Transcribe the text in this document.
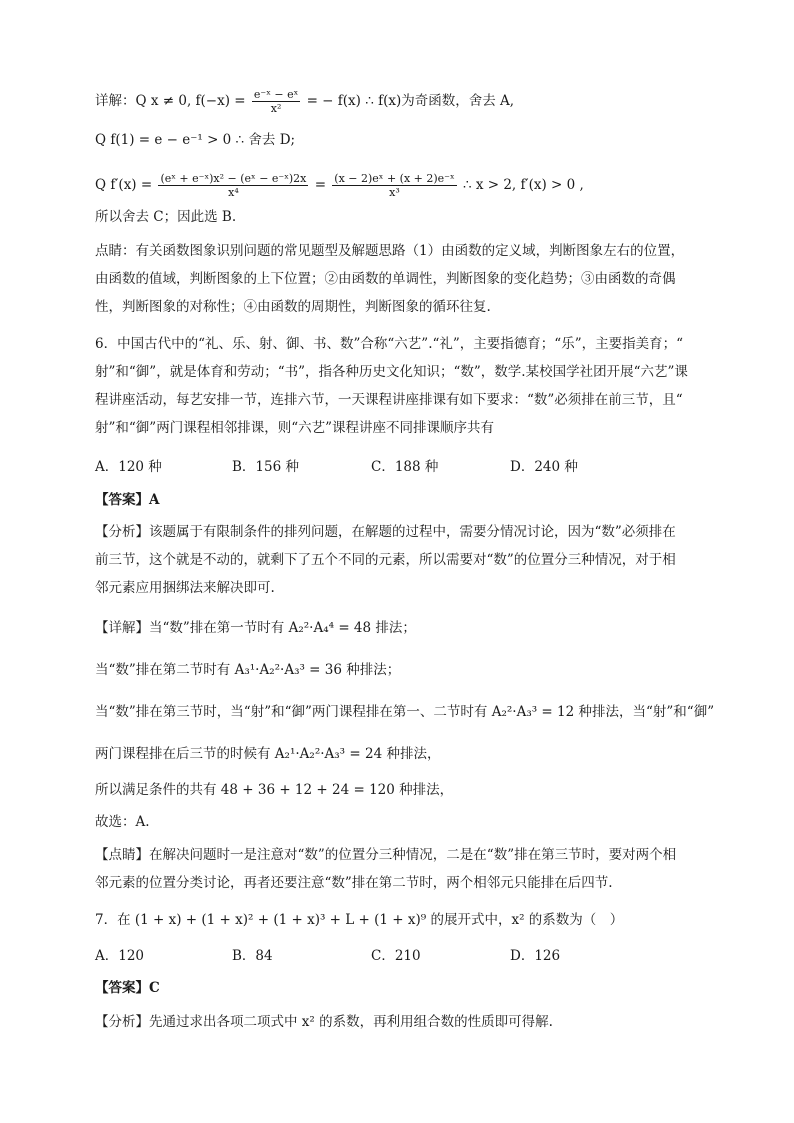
详解：Q x ≠ 0, $f(-x) = \frac{\text{e⁻ˣ − eˣ}}{\text{x²}}$ = − f(x) ∴ f(x)为奇函数，舍去 A,
Q f(1) = e − e⁻¹ > 0 ∴ 舍去 D;
Q $f'(x) = \frac{\text{(eˣ + e⁻ˣ)x² − (eˣ − e⁻ˣ)2x}}{\text{x⁴}} = \frac{\text{(x − 2)eˣ + (x + 2)e⁻ˣ}}{\text{x³}}$ ∴ x > 2, f′(x) > 0 ,
所以舍去 C；因此选 B.
点睛：有关函数图象识别问题的常见题型及解题思路（1）由函数的定义域，判断图象左右的位置，
由函数的值域，判断图象的上下位置；②由函数的单调性，判断图象的变化趋势；③由函数的奇偶
性，判断图象的对称性；④由函数的周期性，判断图象的循环往复.
6．中国古代中的“礼、乐、射、御、书、数”合称“六艺”.“礼”，主要指德育；“乐”，主要指美育；“
射”和“御”，就是体育和劳动；“书”，指各种历史文化知识；“数”，数学.某校国学社团开展“六艺”课
程讲座活动，每艺安排一节，连排六节，一天课程讲座排课有如下要求：“数”必须排在前三节，且“
射”和“御”两门课程相邻排课，则“六艺”课程讲座不同排课顺序共有
A．120 种	B．156 种	C．188 种	D．240 种
【答案】A
【分析】该题属于有限制条件的排列问题，在解题的过程中，需要分情况讨论，因为“数”必须排在
前三节，这个就是不动的，就剩下了五个不同的元素，所以需要对“数”的位置分三种情况，对于相
邻元素应用捆绑法来解决即可.
【详解】当“数”排在第一节时有 A₂²·A₄⁴ = 48 排法；
当“数”排在第二节时有 A₃¹·A₂²·A₃³ = 36 种排法；
当“数”排在第三节时，当“射”和“御”两门课程排在第一、二节时有 A₂²·A₃³ = 12 种排法，当“射”和“御”
两门课程排在后三节的时候有 A₂¹·A₂²·A₃³ = 24 种排法，
所以满足条件的共有 48 + 36 + 12 + 24 = 120 种排法，
故选：A.
【点睛】在解决问题时一是注意对“数”的位置分三种情况，二是在“数”排在第三节时，要对两个相
邻元素的位置分类讨论，再者还要注意“数”排在第二节时，两个相邻元只能排在后四节.
7．在 (1 + x) + (1 + x)² + (1 + x)³ + L + (1 + x)⁹ 的展开式中，x² 的系数为（　）
A．120	B．84	C．210	D．126
【答案】C
【分析】先通过求出各项二项式中 x² 的系数，再利用组合数的性质即可得解.
